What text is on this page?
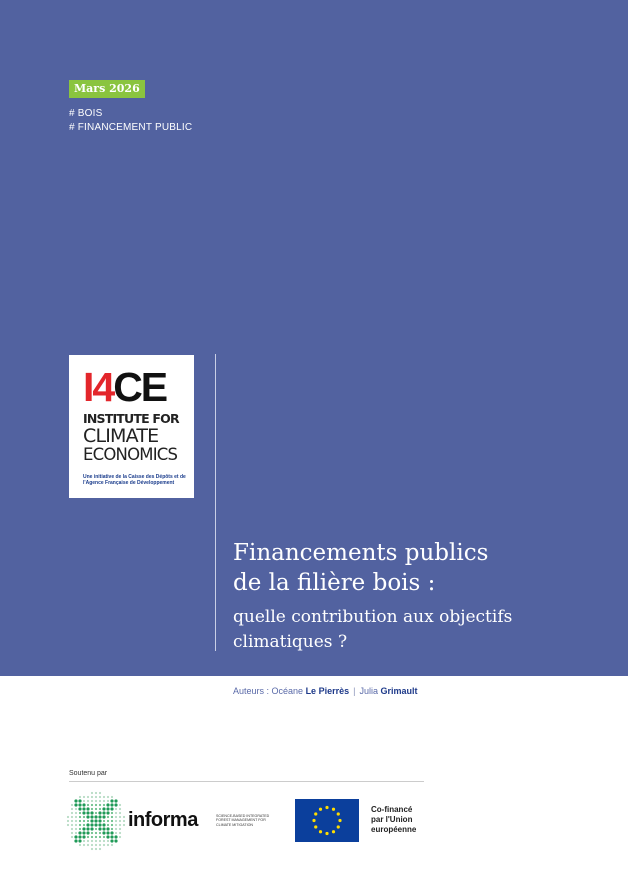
Mars 2026
# BOIS
# FINANCEMENT PUBLIC
I4CE
INSTITUTE FOR
CLIMATE
ECONOMICS
Une initiative de la Caisse des Dépôts et de l'Agence Française de Développement
Financements publics
de la filière bois :
quelle contribution aux objectifs
climatiques ?
Auteurs : Océane Le Pierrès | Julia Grimault
Soutenu par
informa	SCIENCE-BASED INTEGRATED FOREST MANAGEMENT FOR CLIMATE MITIGATION
Co-financé
par l'Union
européenne
